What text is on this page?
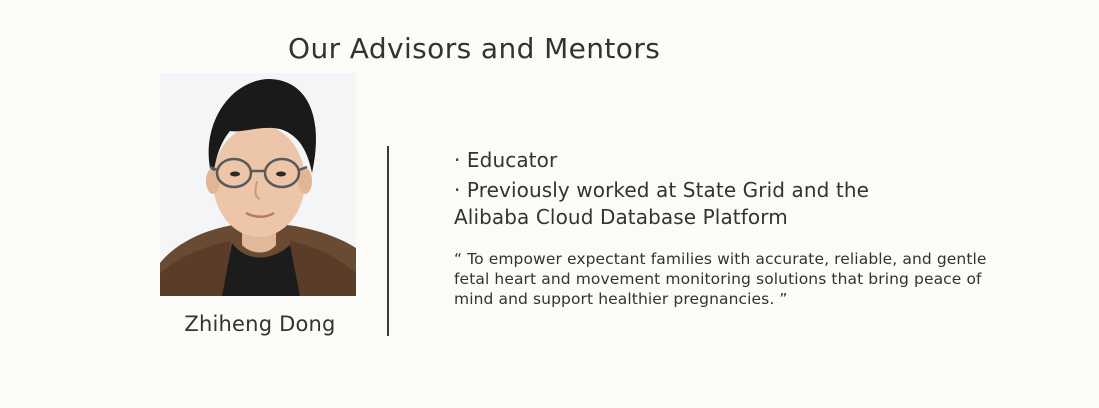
Our Advisors and Mentors
Zhiheng Dong
· Educator
· Previously worked at State Grid and the
Alibaba Cloud Database Platform
“ To empower expectant families with accurate, reliable, and gentle fetal heart and movement monitoring solutions that bring peace of mind and support healthier pregnancies. ”
